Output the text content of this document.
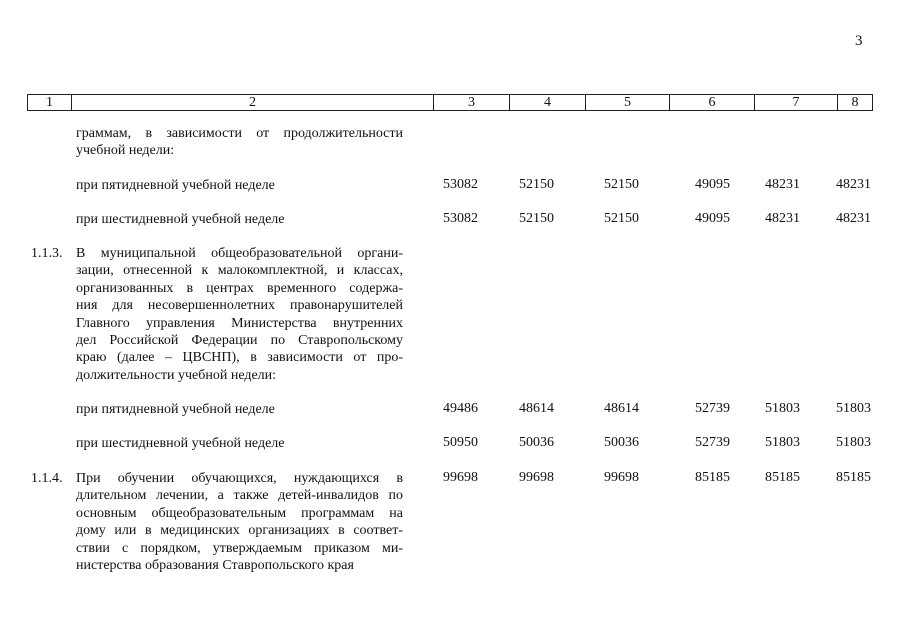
3
1	2	3	4	5	6	7	8
граммам, в зависимости от продолжительности
учебной недели:
при пятидневной учебной неделе	53082	52150	52150	49095	48231	48231
при шестидневной учебной неделе	53082	52150	52150	49095	48231	48231
1.1.3. В муниципальной общеобразовательной органи-
зации, отнесенной к малокомплектной, и классах,
организованных в центрах временного содержа-
ния для несовершеннолетних правонарушителей
Главного управления Министерства внутренних
дел Российской Федерации по Ставропольскому
краю (далее – ЦВСНП), в зависимости от про-
должительности учебной недели:
при пятидневной учебной неделе	49486	48614	48614	52739	51803	51803
при шестидневной учебной неделе	50950	50036	50036	52739	51803	51803
1.1.4. При обучении обучающихся, нуждающихся в
длительном лечении, а также детей-инвалидов по
основным общеобразовательным программам на
дому или в медицинских организациях в соответ-
ствии с порядком, утверждаемым приказом ми-
нистерства образования Ставропольского края
99698	99698	99698	85185	85185	85185
